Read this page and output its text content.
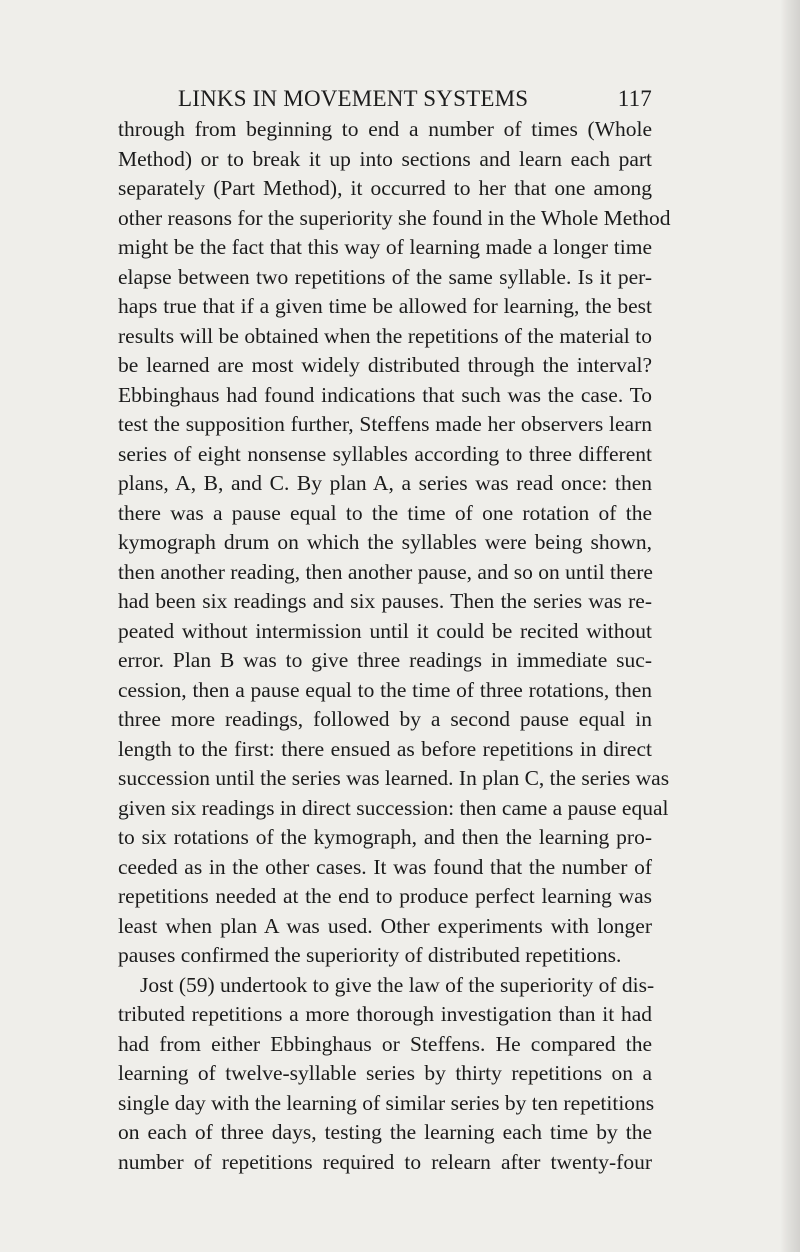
LINKS IN MOVEMENT SYSTEMS	117
through from beginning to end a number of times (Whole
Method) or to break it up into sections and learn each part
separately (Part Method), it occurred to her that one among
other reasons for the superiority she found in the Whole Method
might be the fact that this way of learning made a longer time
elapse between two repetitions of the same syllable. Is it per-
haps true that if a given time be allowed for learning, the best
results will be obtained when the repetitions of the material to
be learned are most widely distributed through the interval?
Ebbinghaus had found indications that such was the case. To
test the supposition further, Steffens made her observers learn
series of eight nonsense syllables according to three different
plans, A, B, and C. By plan A, a series was read once: then
there was a pause equal to the time of one rotation of the
kymograph drum on which the syllables were being shown,
then another reading, then another pause, and so on until there
had been six readings and six pauses. Then the series was re-
peated without intermission until it could be recited without
error. Plan B was to give three readings in immediate suc-
cession, then a pause equal to the time of three rotations, then
three more readings, followed by a second pause equal in
length to the first: there ensued as before repetitions in direct
succession until the series was learned. In plan C, the series was
given six readings in direct succession: then came a pause equal
to six rotations of the kymograph, and then the learning pro-
ceeded as in the other cases. It was found that the number of
repetitions needed at the end to produce perfect learning was
least when plan A was used. Other experiments with longer
pauses confirmed the superiority of distributed repetitions.
Jost (59) undertook to give the law of the superiority of dis-
tributed repetitions a more thorough investigation than it had
had from either Ebbinghaus or Steffens. He compared the
learning of twelve-syllable series by thirty repetitions on a
single day with the learning of similar series by ten repetitions
on each of three days, testing the learning each time by the
number of repetitions required to relearn after twenty-four
